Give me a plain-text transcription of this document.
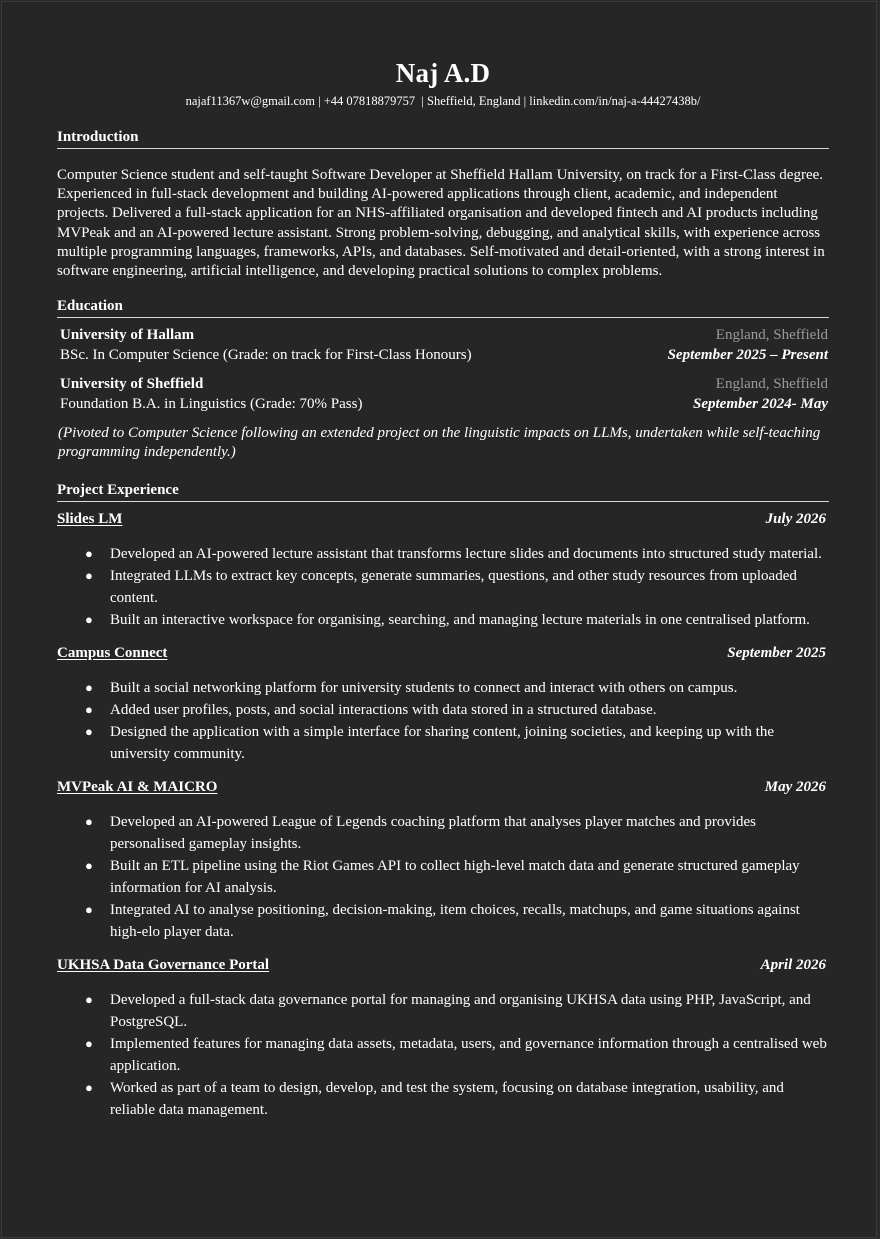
Naj A.D
najaf11367w@gmail.com | +44 07818879757  | Sheffield, England | linkedin.com/in/naj-a-44427438b/
Introduction
Computer Science student and self-taught Software Developer at Sheffield Hallam University, on track for a First-Class degree. Experienced in full-stack development and building AI-powered applications through client, academic, and independent projects. Delivered a full-stack application for an NHS-affiliated organisation and developed fintech and AI products including MVPeak and an AI-powered lecture assistant. Strong problem-solving, debugging, and analytical skills, with experience across multiple programming languages, frameworks, APIs, and databases. Self-motivated and detail-oriented, with a strong interest in software engineering, artificial intelligence, and developing practical solutions to complex problems.
Education
University of Hallam	England, Sheffield
BSc. In Computer Science (Grade: on track for First-Class Honours)	September 2025 – Present
University of Sheffield	England, Sheffield
Foundation B.A. in Linguistics (Grade: 70% Pass)	September 2024- May
(Pivoted to Computer Science following an extended project on the linguistic impacts on LLMs, undertaken while self-teaching programming independently.)
Project Experience
Slides LM	July 2026
● Developed an AI-powered lecture assistant that transforms lecture slides and documents into structured study material.
● Integrated LLMs to extract key concepts, generate summaries, questions, and other study resources from uploaded content.
● Built an interactive workspace for organising, searching, and managing lecture materials in one centralised platform.
Campus Connect	September 2025
● Built a social networking platform for university students to connect and interact with others on campus.
● Added user profiles, posts, and social interactions with data stored in a structured database.
● Designed the application with a simple interface for sharing content, joining societies, and keeping up with the university community.
MVPeak AI & MAICRO	May 2026
● Developed an AI-powered League of Legends coaching platform that analyses player matches and provides personalised gameplay insights.
● Built an ETL pipeline using the Riot Games API to collect high-level match data and generate structured gameplay information for AI analysis.
● Integrated AI to analyse positioning, decision-making, item choices, recalls, matchups, and game situations against high-elo player data.
UKHSA Data Governance Portal	April 2026
● Developed a full-stack data governance portal for managing and organising UKHSA data using PHP, JavaScript, and PostgreSQL.
● Implemented features for managing data assets, metadata, users, and governance information through a centralised web application.
● Worked as part of a team to design, develop, and test the system, focusing on database integration, usability, and reliable data management.
